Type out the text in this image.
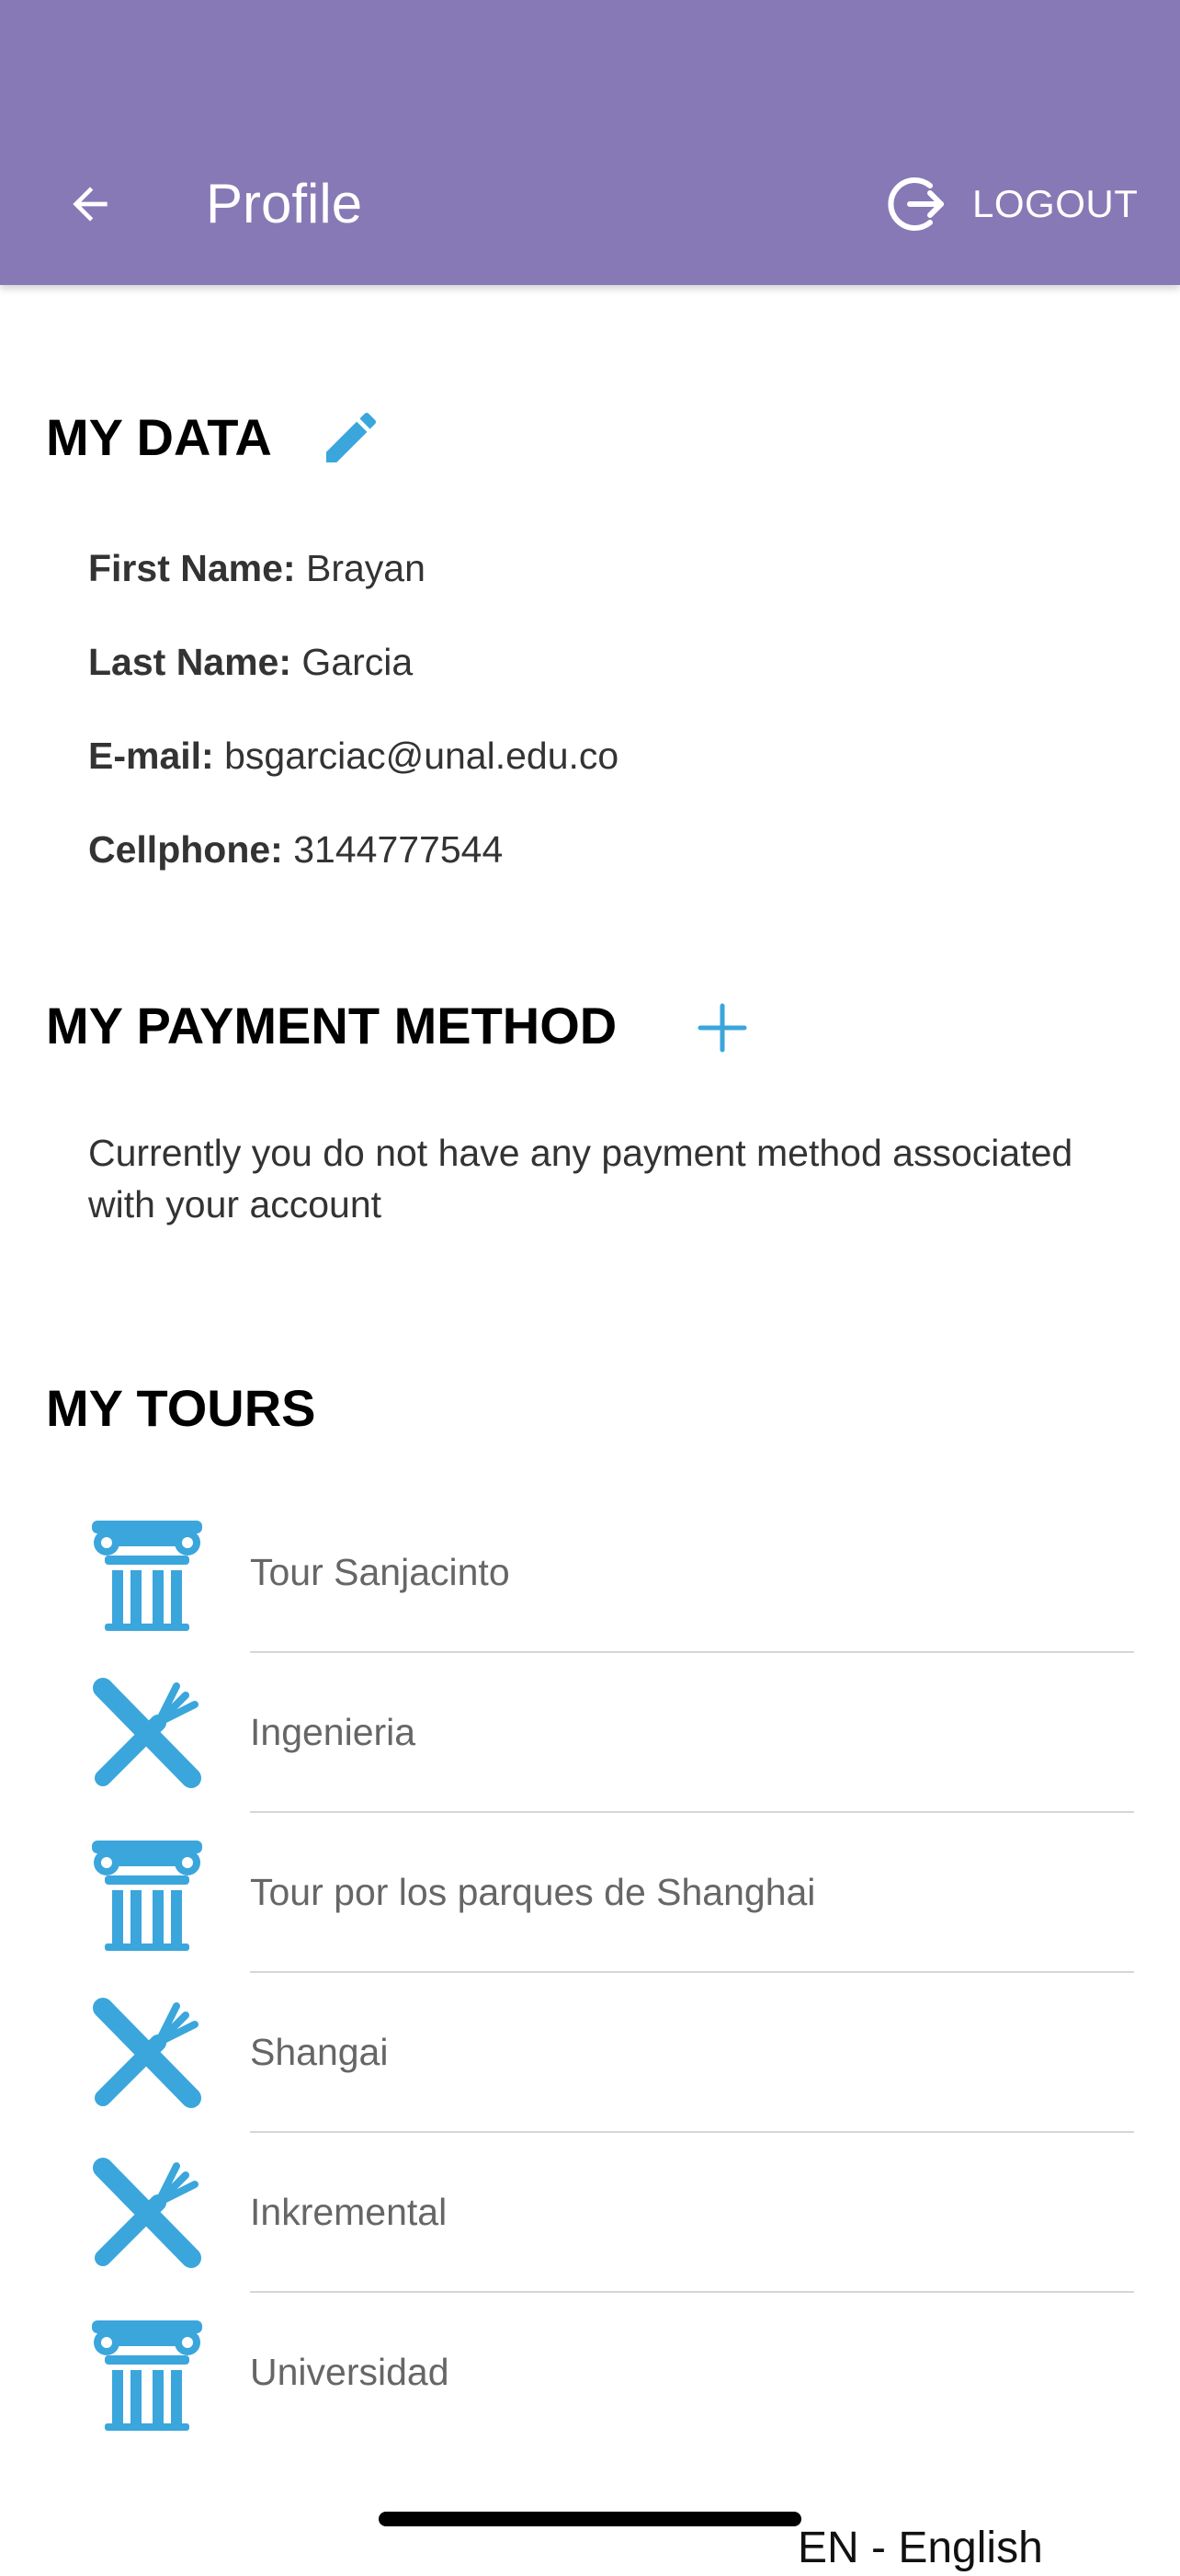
Profile	LOGOUT
MY DATA
First Name: Brayan
Last Name: Garcia
E-mail: bsgarciac@unal.edu.co
Cellphone: 3144777544
MY PAYMENT METHOD
Currently you do not have any payment method associated with your account
MY TOURS
Tour Sanjacinto
Ingenieria
Tour por los parques de Shanghai
Shangai
Inkremental
Universidad
EN - English
